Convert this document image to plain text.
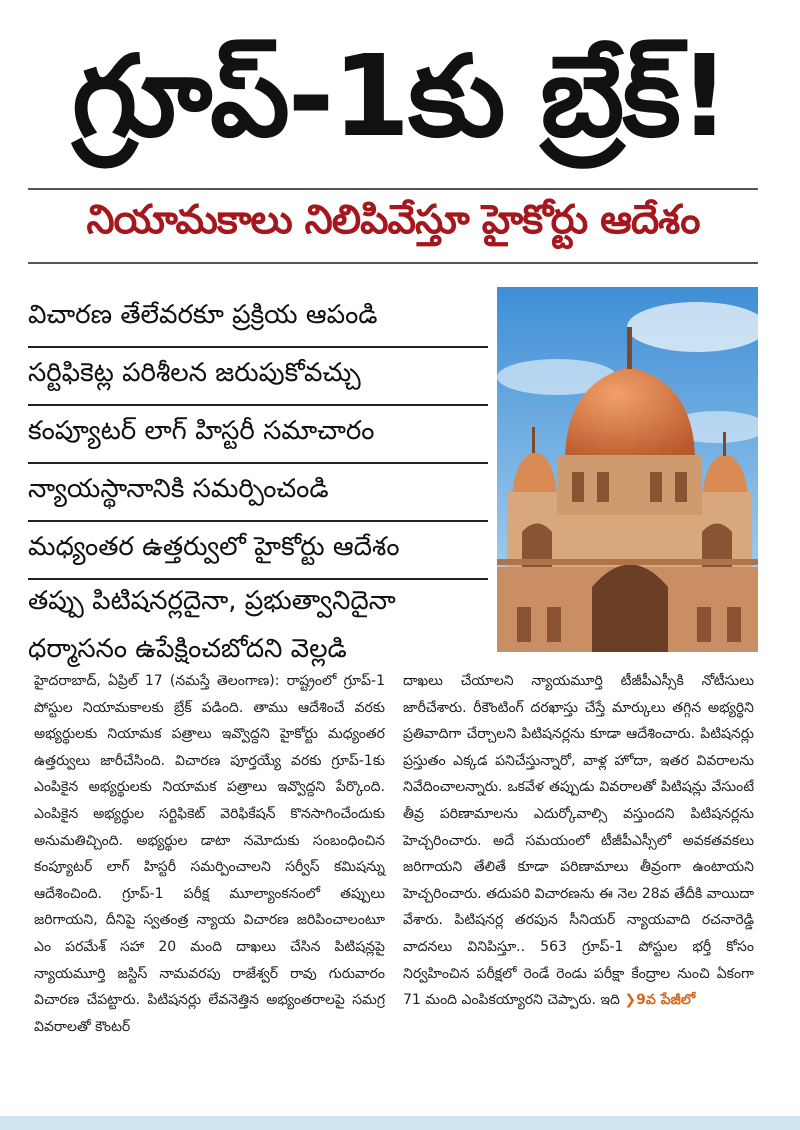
గ్రూప్-1కు బ్రేక్!
నియామకాలు నిలిపివేస్తూ హైకోర్టు ఆదేశం
విచారణ తేలేవరకూ ప్రక్రియ ఆపండి
సర్టిఫికెట్ల పరిశీలన జరుపుకోవచ్చు
కంప్యూటర్ లాగ్ హిస్టరీ సమాచారం
న్యాయస్థానానికి సమర్పించండి
మధ్యంతర ఉత్తర్వులో హైకోర్టు ఆదేశం
తప్పు పిటిషనర్లదైనా, ప్రభుత్వానిదైనా
ధర్మాసనం ఉపేక్షించబోదని వెల్లడి

హైదరాబాద్, ఏప్రిల్ 17 (నమస్తే తెలంగాణ): రాష్ట్రంలో గ్రూప్-1 పోస్టుల నియామకాలకు బ్రేక్ పడింది. తాము ఆదేశించే వరకు అభ్యర్థులకు నియామక పత్రాలు ఇవ్వొద్దని హైకోర్టు మధ్యంతర ఉత్తర్వులు జారీచేసింది. విచారణ పూర్తయ్యే వరకు గ్రూప్-1కు ఎంపికైన అభ్యర్థులకు నియామక పత్రాలు ఇవ్వొద్దని పేర్కొంది. ఎంపికైన అభ్యర్థుల సర్టిఫికెట్ వెరిఫికేషన్ కొనసాగించేందుకు అనుమతిచ్చింది. అభ్యర్థుల డాటా నమోదుకు సంబంధించిన కంప్యూటర్ లాగ్ హిస్టరీ సమర్పించాలని సర్వీస్ కమిషన్ను ఆదేశించింది. గ్రూప్-1 పరీక్ష మూల్యాంకనంలో తప్పులు జరిగాయని, దీనిపై స్వతంత్ర న్యాయ విచారణ జరిపించాలంటూ ఎం పరమేశ్ సహా 20 మంది దాఖలు చేసిన పిటిషన్లపై న్యాయమూర్తి జస్టిస్ నామవరపు రాజేశ్వర్ రావు గురువారం విచారణ చేపట్టారు. పిటిషనర్లు లేవనెత్తిన అభ్యంతరాలపై సమగ్ర వివరాలతో కౌంటర్

దాఖలు చేయాలని న్యాయమూర్తి టీజీపీఎస్సీకి నోటీసులు జారీచేశారు. రీకౌంటింగ్ దరఖాస్తు చేస్తే మార్కులు తగ్గిన అభ్యర్థిని ప్రతివాదిగా చేర్చాలని పిటిషనర్లను కూడా ఆదేశించారు. పిటిషనర్లు ప్రస్తుతం ఎక్కడ పనిచేస్తున్నారో, వాళ్ల హోదా, ఇతర వివరాలను నివేదించాలన్నారు. ఒకవేళ తప్పుడు వివరాలతో పిటిషన్లు వేసుంటే తీవ్ర పరిణామాలను ఎదుర్కోవాల్సి వస్తుందని పిటిషనర్లను హెచ్చరించారు. అదే సమయంలో టీజీపీఎస్సీలో అవకతవకలు జరిగాయని తేలితే కూడా పరిణామాలు తీవ్రంగా ఉంటాయని హెచ్చరించారు. తదుపరి విచారణను ఈ నెల 28వ తేదీకి వాయిదా వేశారు. పిటిషనర్ల తరపున సీనియర్ న్యాయవాది రచనారెడ్డి వాదనలు వినిపిస్తూ.. 563 గ్రూప్-1 పోస్టుల భర్తీ కోసం నిర్వహించిన పరీక్షలో రెండే రెండు పరీక్షా కేంద్రాల నుంచి ఏకంగా 71 మంది ఎంపికయ్యారని చెప్పారు. ఇది ❯9వ పేజీలో
